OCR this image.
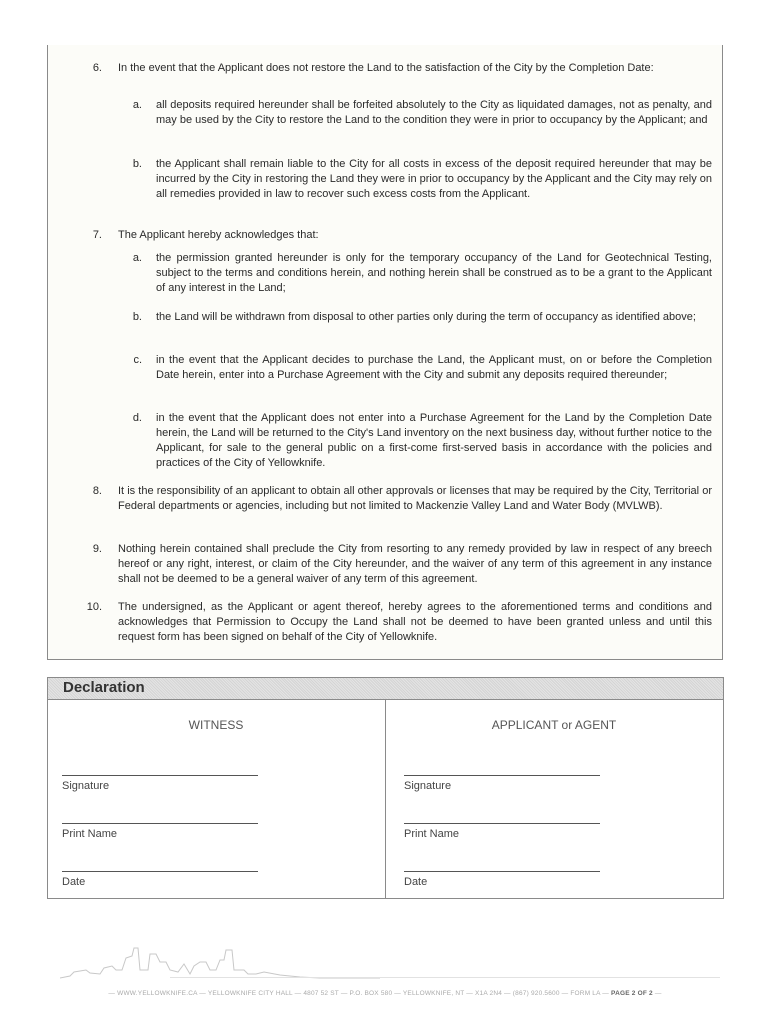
6. In the event that the Applicant does not restore the Land to the satisfaction of the City by the Completion Date:

a. all deposits required hereunder shall be forfeited absolutely to the City as liquidated damages, not as penalty, and may be used by the City to restore the Land to the condition they were in prior to occupancy by the Applicant; and

b. the Applicant shall remain liable to the City for all costs in excess of the deposit required hereunder that may be incurred by the City in restoring the Land they were in prior to occupancy by the Applicant and the City may rely on all remedies provided in law to recover such excess costs from the Applicant.

7. The Applicant hereby acknowledges that:

a. the permission granted hereunder is only for the temporary occupancy of the Land for Geotechnical Testing, subject to the terms and conditions herein, and nothing herein shall be construed as to be a grant to the Applicant of any interest in the Land;

b. the Land will be withdrawn from disposal to other parties only during the term of occupancy as identified above;

c. in the event that the Applicant decides to purchase the Land, the Applicant must, on or before the Completion Date herein, enter into a Purchase Agreement with the City and submit any deposits required thereunder;

d. in the event that the Applicant does not enter into a Purchase Agreement for the Land by the Completion Date herein, the Land will be returned to the City's Land inventory on the next business day, without further notice to the Applicant, for sale to the general public on a first-come first-served basis in accordance with the policies and practices of the City of Yellowknife.

8. It is the responsibility of an applicant to obtain all other approvals or licenses that may be required by the City, Territorial or Federal departments or agencies, including but not limited to Mackenzie Valley Land and Water Body (MVLWB).

9. Nothing herein contained shall preclude the City from resorting to any remedy provided by law in respect of any breech hereof or any right, interest, or claim of the City hereunder, and the waiver of any term of this agreement in any instance shall not be deemed to be a general waiver of any term of this agreement.

10. The undersigned, as the Applicant or agent thereof, hereby agrees to the aforementioned terms and conditions and acknowledges that Permission to Occupy the Land shall not be deemed to have been granted unless and until this request form has been signed on behalf of the City of Yellowknife.

Declaration
WITNESS	APPLICANT or AGENT
Signature
Print Name
Date
Signature
Print Name
Date
— WWW.YELLOWKNIFE.CA — YELLOWKNIFE CITY HALL — 4807 52 ST — P.O. BOX 580 — YELLOWKNIFE, NT — X1A 2N4 — (867) 920.5600 — FORM LA — PAGE 2 OF 2 —
